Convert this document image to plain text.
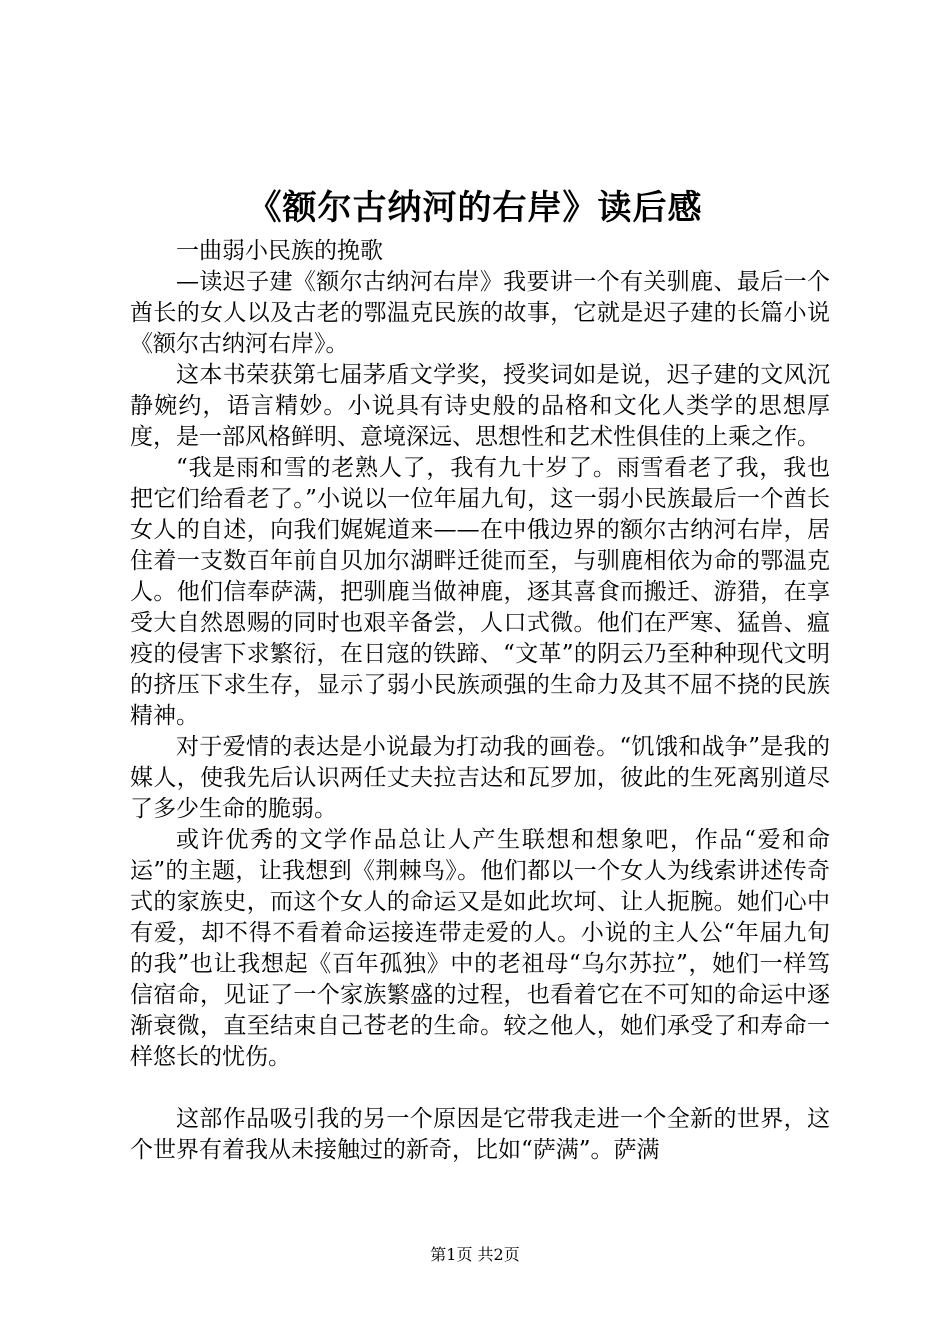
《额尔古纳河的右岸》读后感

一曲弱小民族的挽歌

—读迟子建《额尔古纳河右岸》我要讲一个有关驯鹿、最后一个酋长的女人以及古老的鄂温克民族的故事，它就是迟子建的长篇小说《额尔古纳河右岸》。

这本书荣获第七届茅盾文学奖，授奖词如是说，迟子建的文风沉静婉约，语言精妙。小说具有诗史般的品格和文化人类学的思想厚度，是一部风格鲜明、意境深远、思想性和艺术性俱佳的上乘之作。

“我是雨和雪的老熟人了，我有九十岁了。雨雪看老了我，我也把它们给看老了。”小说以一位年届九旬，这一弱小民族最后一个酋长女人的自述，向我们娓娓道来——在中俄边界的额尔古纳河右岸，居住着一支数百年前自贝加尔湖畔迁徙而至，与驯鹿相依为命的鄂温克人。他们信奉萨满，把驯鹿当做神鹿，逐其喜食而搬迁、游猎，在享受大自然恩赐的同时也艰辛备尝，人口式微。他们在严寒、猛兽、瘟疫的侵害下求繁衍，在日寇的铁蹄、“文革”的阴云乃至种种现代文明的挤压下求生存，显示了弱小民族顽强的生命力及其不屈不挠的民族精神。

对于爱情的表达是小说最为打动我的画卷。“饥饿和战争”是我的媒人，使我先后认识两任丈夫拉吉达和瓦罗加，彼此的生死离别道尽了多少生命的脆弱。

或许优秀的文学作品总让人产生联想和想象吧，作品“爱和命运”的主题，让我想到《荆棘鸟》。他们都以一个女人为线索讲述传奇式的家族史，而这个女人的命运又是如此坎坷、让人扼腕。她们心中有爱，却不得不看着命运接连带走爱的人。小说的主人公“年届九旬的我”也让我想起《百年孤独》中的老祖母“乌尔苏拉”，她们一样笃信宿命，见证了一个家族繁盛的过程，也看着它在不可知的命运中逐渐衰微，直至结束自己苍老的生命。较之他人，她们承受了和寿命一样悠长的忧伤。

这部作品吸引我的另一个原因是它带我走进一个全新的世界，这个世界有着我从未接触过的新奇，比如“萨满”。萨满

第1页 共2页
